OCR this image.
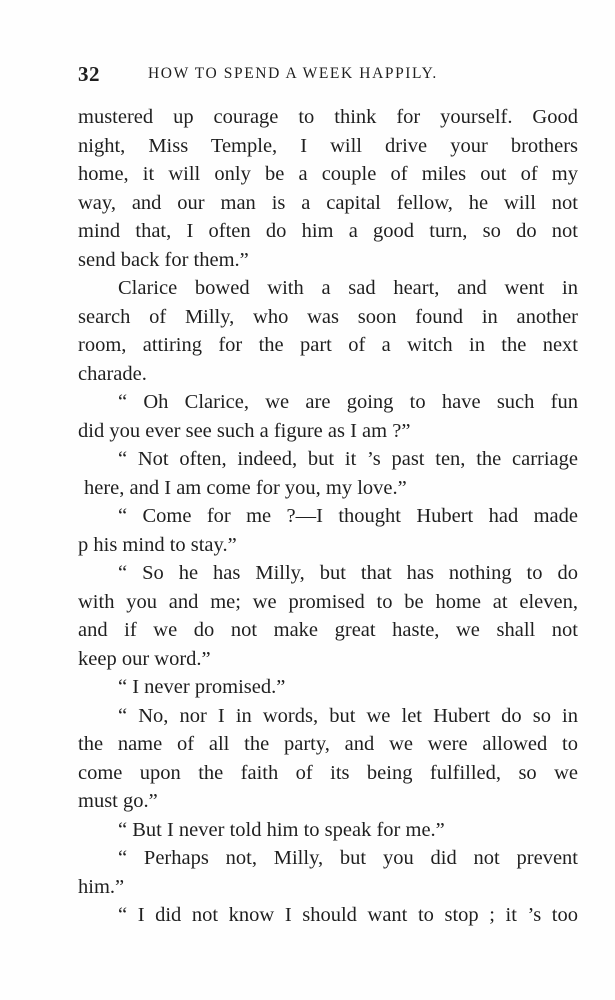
32	HOW TO SPEND A WEEK HAPPILY.
mustered up courage to think for yourself. Good
night, Miss Temple, I will drive your brothers
home, it will only be a couple of miles out of my
way, and our man is a capital fellow, he will not
mind that, I often do him a good turn, so do not
send back for them.”
Clarice bowed with a sad heart, and went in
search of Milly, who was soon found in another
room, attiring for the part of a witch in the next
charade.
“ Oh Clarice, we are going to have such fun
did you ever see such a figure as I am ?”
“ Not often, indeed, but it ’s past ten, the carriage
here, and I am come for you, my love.”
“ Come for me ?—I thought Hubert had made
p his mind to stay.”
“ So he has Milly, but that has nothing to do
with you and me; we promised to be home at eleven,
and if we do not make great haste, we shall not
keep our word.”
“ I never promised.”
“ No, nor I in words, but we let Hubert do so in
the name of all the party, and we were allowed to
come upon the faith of its being fulfilled, so we
must go.”
“ But I never told him to speak for me.”
“ Perhaps not, Milly, but you did not prevent
him.”
“ I did not know I should want to stop ; it ’s too
